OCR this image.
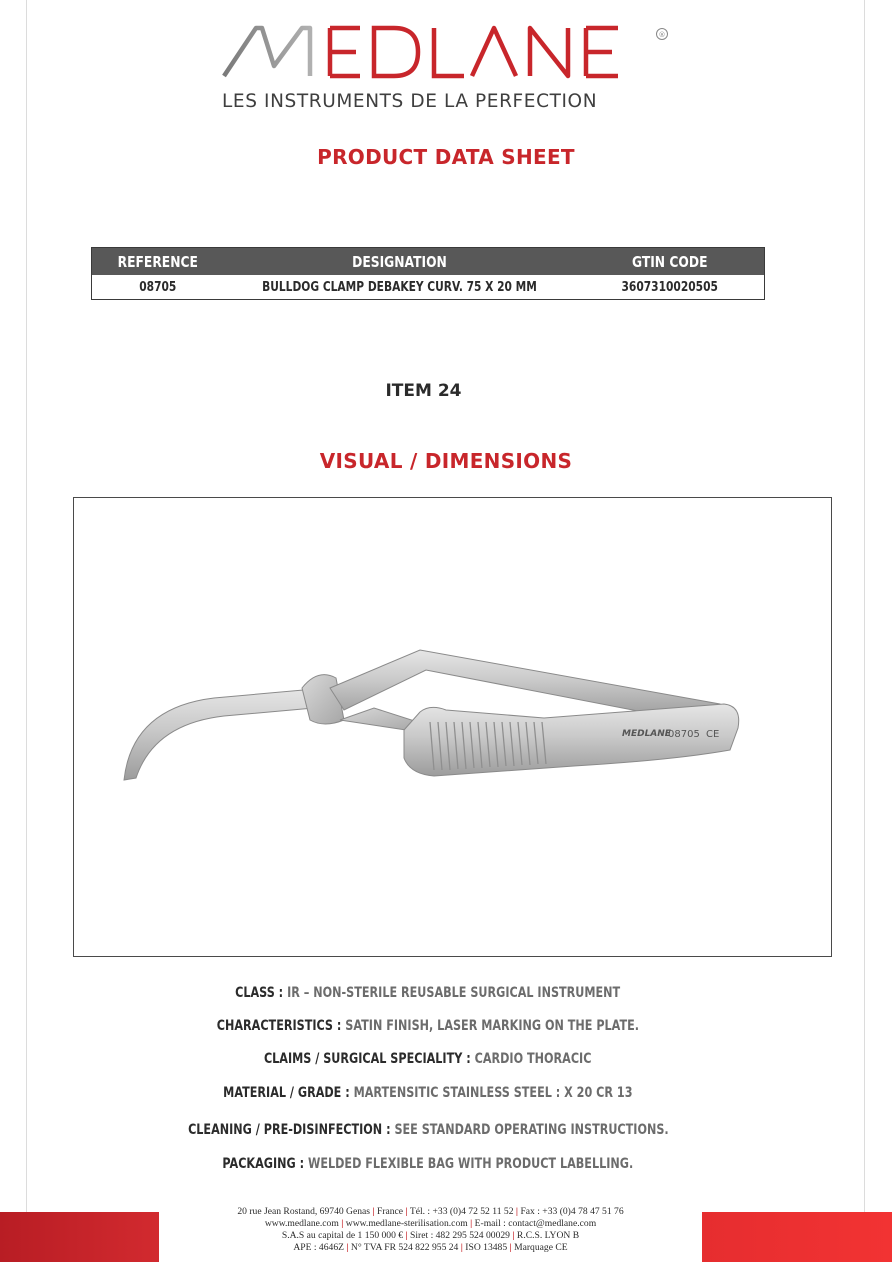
®
LES INSTRUMENTS DE LA PERFECTION
PRODUCT DATA SHEET
REFERENCE	DESIGNATION	GTIN CODE
08705	BULLDOG CLAMP DEBAKEY CURV. 75 X 20 MM	3607310020505
ITEM 24
VISUAL / DIMENSIONS
MEDLANE
08705 CE
CLASS : IR – NON-STERILE REUSABLE SURGICAL INSTRUMENT
CHARACTERISTICS : SATIN FINISH, LASER MARKING ON THE PLATE.
CLAIMS / SURGICAL SPECIALITY : CARDIO THORACIC
MATERIAL / GRADE : MARTENSITIC STAINLESS STEEL : X 20 CR 13
CLEANING / PRE-DISINFECTION : SEE STANDARD OPERATING INSTRUCTIONS.
PACKAGING : WELDED FLEXIBLE BAG WITH PRODUCT LABELLING.
20 rue Jean Rostand, 69740 Genas | France | Tél. : +33 (0)4 72 52 11 52 | Fax : +33 (0)4 78 47 51 76
www.medlane.com | www.medlane-sterilisation.com | E-mail : contact@medlane.com
S.A.S au capital de 1 150 000 € | Siret : 482 295 524 00029 | R.C.S. LYON B
APE : 4646Z | N° TVA FR 524 822 955 24 | ISO 13485 | Marquage CE
